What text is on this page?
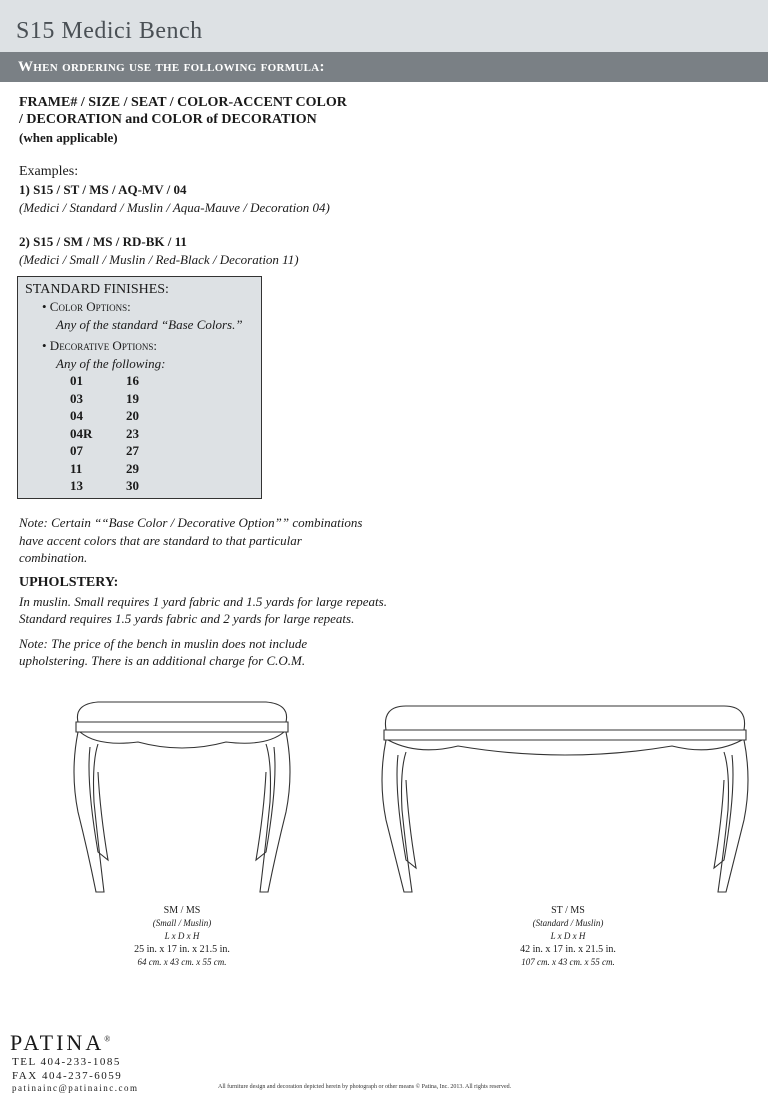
S15 Medici Bench
When ordering use the following formula:
FRAME# / SIZE / SEAT / COLOR-ACCENT COLOR
/ DECORATION and COLOR of DECORATION
(when applicable)
Examples:
1) S15 / ST / MS / AQ-MV / 04
(Medici / Standard / Muslin / Aqua-Mauve / Decoration 04)
2) S15 / SM / MS / RD-BK / 11
(Medici / Small / Muslin / Red-Black / Decoration 11)
STANDARD FINISHES:
• Color Options:
Any of the standard “Base Colors.”
• Decorative Options:
Any of the following:
01	16
03	19
04	20
04R	23
07	27
11	29
13	30
Note: Certain ““Base Color / Decorative Option”” combinations
have accent colors that are standard to that particular
combination.
UPHOLSTERY:
In muslin. Small requires 1 yard fabric and 1.5 yards for large repeats.
Standard requires 1.5 yards fabric and 2 yards for large repeats.
Note: The price of the bench in muslin does not include
upholstering. There is an additional charge for C.O.M.
SM / MS
(Small / Muslin)
L x D x H
25 in. x 17 in. x 21.5 in.
64 cm. x 43 cm. x 55 cm.
ST / MS
(Standard / Muslin)
L x D x H
42 in. x 17 in. x 21.5 in.
107 cm. x 43 cm. x 55 cm.
PATINA®
TEL 404-233-1085
FAX 404-237-6059
patinainc@patinainc.com	All furniture design and decoration depicted herein by photograph or other means © Patina, Inc. 2013. All rights reserved.
